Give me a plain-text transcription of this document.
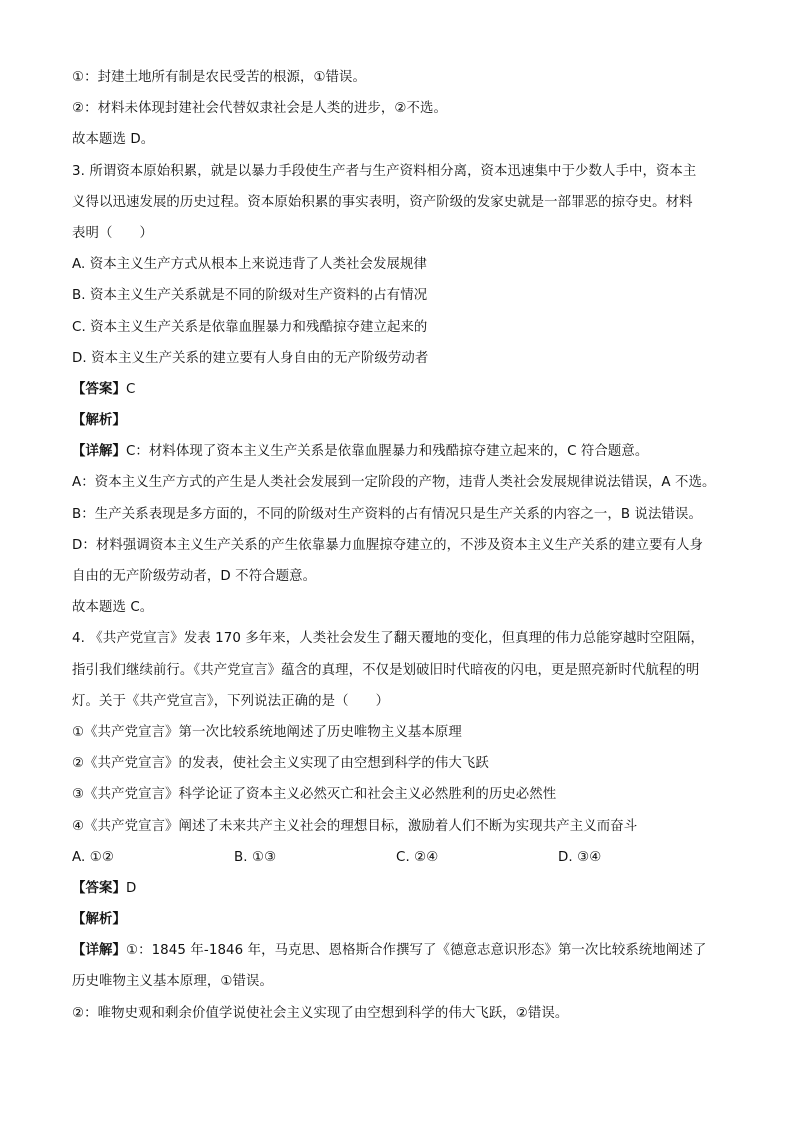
①：封建土地所有制是农民受苦的根源，①错误。
②：材料未体现封建社会代替奴隶社会是人类的进步，②不选。
故本题选 D。
3. 所谓资本原始积累，就是以暴力手段使生产者与生产资料相分离，资本迅速集中于少数人手中，资本主
义得以迅速发展的历史过程。资本原始积累的事实表明，资产阶级的发家史就是一部罪恶的掠夺史。材料
表明（　　）
A. 资本主义生产方式从根本上来说违背了人类社会发展规律
B. 资本主义生产关系就是不同的阶级对生产资料的占有情况
C. 资本主义生产关系是依靠血腥暴力和残酷掠夺建立起来的
D. 资本主义生产关系的建立要有人身自由的无产阶级劳动者
【答案】C
【解析】
【详解】C：材料体现了资本主义生产关系是依靠血腥暴力和残酷掠夺建立起来的，C 符合题意。
A：资本主义生产方式的产生是人类社会发展到一定阶段的产物，违背人类社会发展规律说法错误，A 不选。
B：生产关系表现是多方面的，不同的阶级对生产资料的占有情况只是生产关系的内容之一，B 说法错误。
D：材料强调资本主义生产关系的产生依靠暴力血腥掠夺建立的，不涉及资本主义生产关系的建立要有人身
自由的无产阶级劳动者，D 不符合题意。
故本题选 C。
4. 《共产党宣言》发表 170 多年来，人类社会发生了翻天覆地的变化，但真理的伟力总能穿越时空阻隔，
指引我们继续前行。《共产党宣言》蕴含的真理，不仅是划破旧时代暗夜的闪电，更是照亮新时代航程的明
灯。关于《共产党宣言》，下列说法正确的是（　　）
①《共产党宣言》第一次比较系统地阐述了历史唯物主义基本原理
②《共产党宣言》的发表，使社会主义实现了由空想到科学的伟大飞跃
③《共产党宣言》科学论证了资本主义必然灭亡和社会主义必然胜利的历史必然性
④《共产党宣言》阐述了未来共产主义社会的理想目标，激励着人们不断为实现共产主义而奋斗
A. ①②	B. ①③	C. ②④	D. ③④
【答案】D
【解析】
【详解】①：1845 年-1846 年，马克思、恩格斯合作撰写了《德意志意识形态》第一次比较系统地阐述了
历史唯物主义基本原理，①错误。
②：唯物史观和剩余价值学说使社会主义实现了由空想到科学的伟大飞跃，②错误。
